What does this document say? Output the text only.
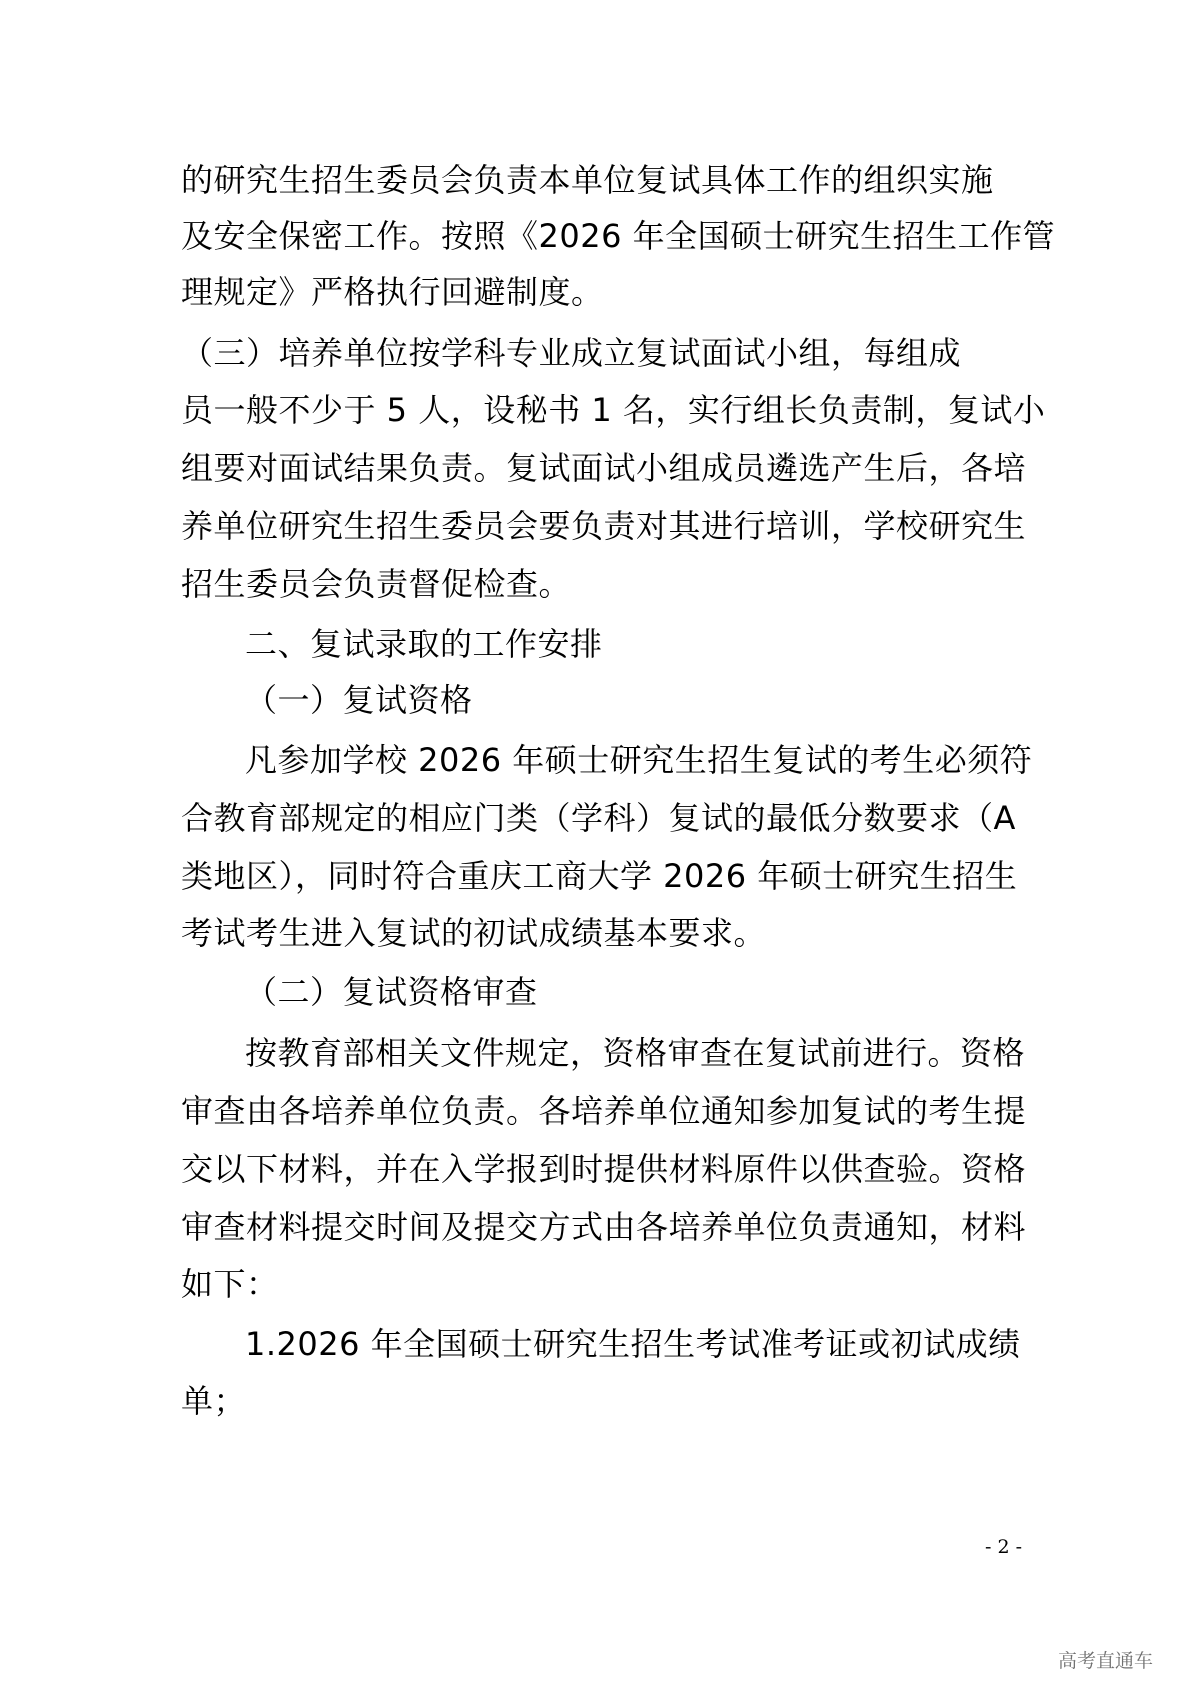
的研究生招生委员会负责本单位复试具体工作的组织实施
及安全保密工作。按照《2026 年全国硕士研究生招生工作管
理规定》严格执行回避制度。
（三）培养单位按学科专业成立复试面试小组，每组成
员一般不少于 5 人，设秘书 1 名，实行组长负责制，复试小
组要对面试结果负责。复试面试小组成员遴选产生后，各培
养单位研究生招生委员会要负责对其进行培训，学校研究生
招生委员会负责督促检查。
二、复试录取的工作安排
（一）复试资格
凡参加学校 2026 年硕士研究生招生复试的考生必须符
合教育部规定的相应门类（学科）复试的最低分数要求（A
类地区），同时符合重庆工商大学 2026 年硕士研究生招生
考试考生进入复试的初试成绩基本要求。
（二）复试资格审查
按教育部相关文件规定，资格审查在复试前进行。资格
审查由各培养单位负责。各培养单位通知参加复试的考生提
交以下材料，并在入学报到时提供材料原件以供查验。资格
审查材料提交时间及提交方式由各培养单位负责通知，材料
如下：
1.2026 年全国硕士研究生招生考试准考证或初试成绩
单；
- 2 -
高考直通车
